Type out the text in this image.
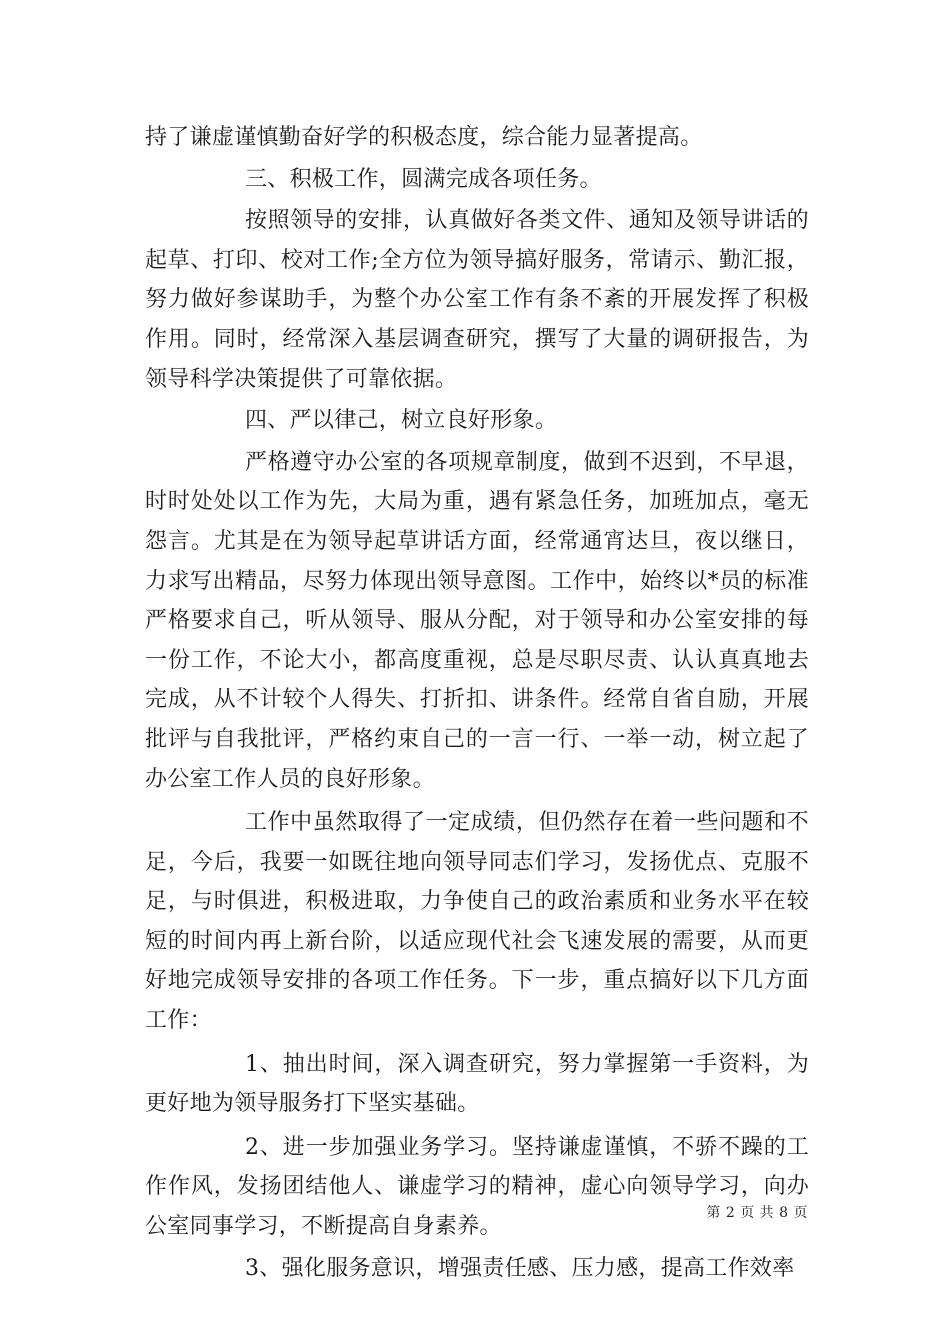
持了谦虚谨慎勤奋好学的积极态度，综合能力显著提高。

三、积极工作，圆满完成各项任务。

按照领导的安排，认真做好各类文件、通知及领导讲话的起草、打印、校对工作;全方位为领导搞好服务，常请示、勤汇报，努力做好参谋助手，为整个办公室工作有条不紊的开展发挥了积极作用。同时，经常深入基层调查研究，撰写了大量的调研报告，为领导科学决策提供了可靠依据。

四、严以律己，树立良好形象。

严格遵守办公室的各项规章制度，做到不迟到，不早退，时时处处以工作为先，大局为重，遇有紧急任务，加班加点，毫无怨言。尤其是在为领导起草讲话方面，经常通宵达旦，夜以继日，力求写出精品，尽努力体现出领导意图。工作中，始终以*员的标准严格要求自己，听从领导、服从分配，对于领导和办公室安排的每一份工作，不论大小，都高度重视，总是尽职尽责、认认真真地去完成，从不计较个人得失、打折扣、讲条件。经常自省自励，开展批评与自我批评，严格约束自己的一言一行、一举一动，树立起了办公室工作人员的良好形象。

工作中虽然取得了一定成绩，但仍然存在着一些问题和不足，今后，我要一如既往地向领导同志们学习，发扬优点、克服不足，与时俱进，积极进取，力争使自己的政治素质和业务水平在较短的时间内再上新台阶，以适应现代社会飞速发展的需要，从而更好地完成领导安排的各项工作任务。下一步，重点搞好以下几方面工作：

1、抽出时间，深入调查研究，努力掌握第一手资料，为更好地为领导服务打下坚实基础。

2、进一步加强业务学习。坚持谦虚谨慎，不骄不躁的工作作风，发扬团结他人、谦虚学习的精神，虚心向领导学习，向办公室同事学习，不断提高自身素养。

3、强化服务意识，增强责任感、压力感，提高工作效率

第 2 页 共 8 页
